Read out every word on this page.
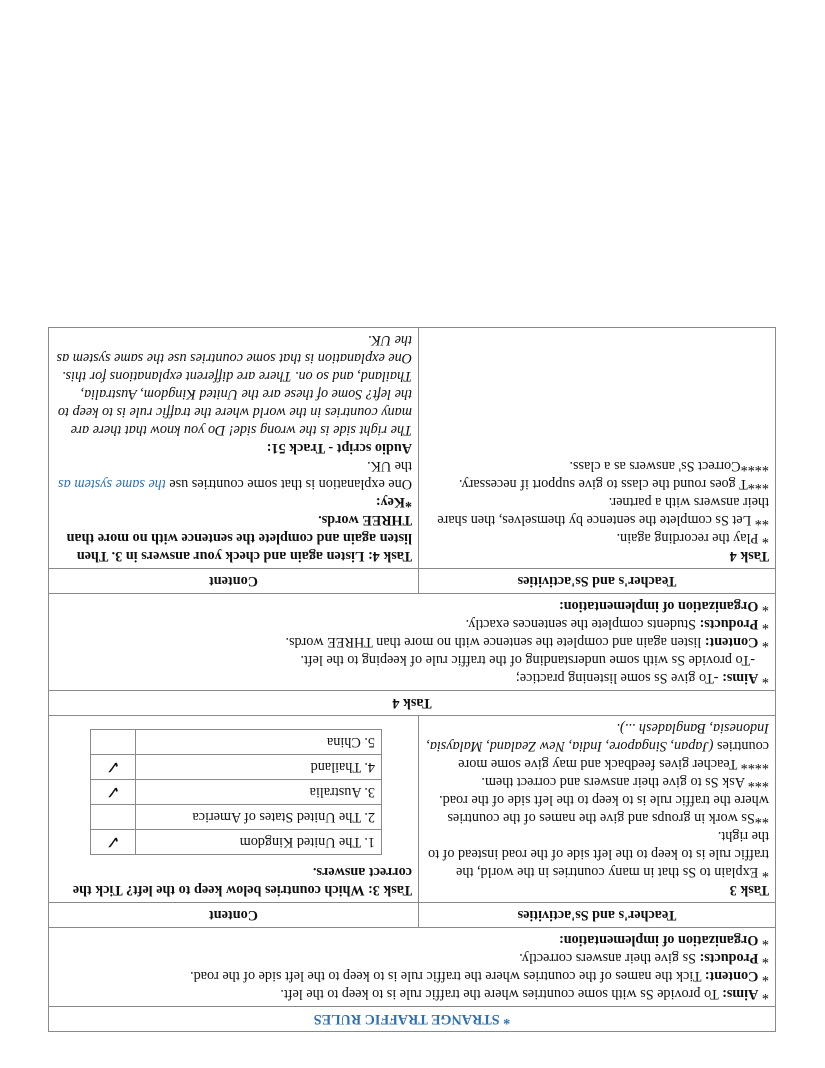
* STRANGE TRAFFIC RULES

* Aims: To provide Ss with some countries where the traffic rule is to keep to the left.
* Content: Tick the names of the countries where the traffic rule is to keep to the left side of the road.
* Products: Ss give their answers correctly.
* Organization of implementation:

Teacher's and Ss'activities	Content

Task 3
* Explain to Ss that in many countries in the world, the traffic rule is to keep to the left side of the road instead of to the right.
**Ss work in groups and give the names of the countries where the traffic rule is to keep to the left side of the road.
*** Ask Ss to give their answers and correct them.
**** Teacher gives feedback and may give some more countries (Japan, Singapore, India, New Zealand, Malaysia, Indonesia, Bangladesh ...).

Task 3: Which countries below keep to the left? Tick the correct answers.
1. The United Kingdom	✓
2. The United States of America	
3. Australia	✓
4. Thailand	✓
5. China	

Task 4

* Aims: -To give Ss some listening practice;
-To provide Ss with some understanding of the traffic rule of keeping to the left.
* Content: listen again and complete the sentence with no more than THREE words.
* Products: Students complete the sentences exactly.
* Organization of implementation:

Teacher's and Ss'activities	Content

Task 4
* Play the recording again.
** Let Ss complete the sentence by themselves, then share their answers with a partner.
***T goes round the class to give support if necessary.
****Correct Ss' answers as a class.

Task 4: Listen again and check your answers in 3. Then listen again and complete the sentence with no more than THREE words.
*Key:
One explanation is that some countries use the same system as the UK.
Audio script - Track 51:
The right side is the wrong side! Do you know that there are many countries in the world where the traffic rule is to keep to the left? Some of these are the United Kingdom, Australia, Thailand, and so on. There are different explanations for this. One explanation is that some countries use the same system as the UK.
